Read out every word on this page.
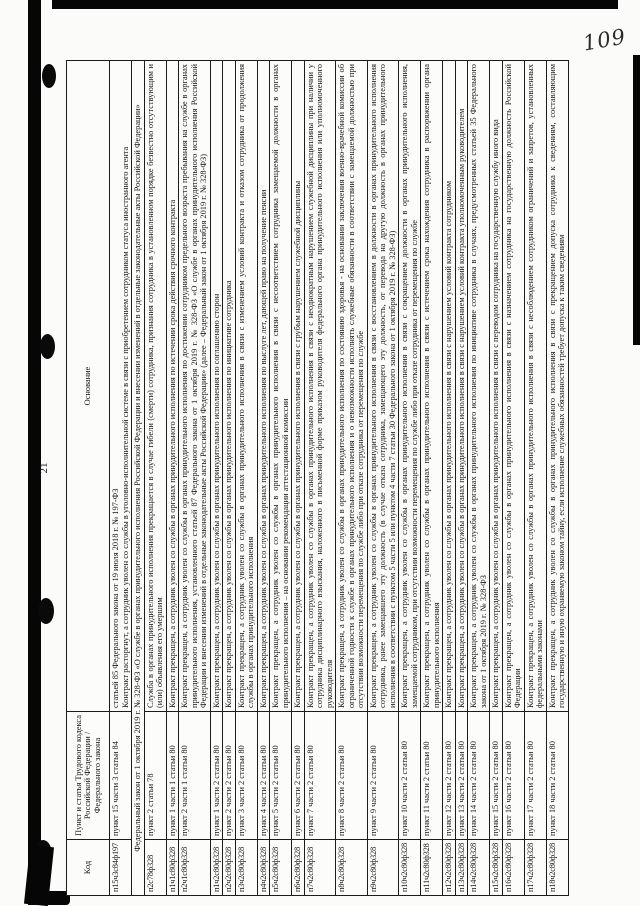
109
21
Код	Пункт и статья Трудового кодекса Российской Федерации / Федерального закона	Основание
п15ч3с84ф197	пункт 15 части 3 статьи 84	статьей 85 Федерального закона от 19 июля 2018 г. № 197-ФЗ Контракт расторгнут, а сотрудник уволен со службы в уголовно-исполнительной системе в связи с приобретением сотрудником статуса иностранного агента

Федеральный закон от 1 октября 2019 г. № 328-ФЗ «О службе в органах принудительного исполнения Российской Федерации и внесении изменений в отдельные законодательные акты Российской Федерации»		
п2с78ф328	пункт 2 статьи 78	Служба в органах принудительного исполнения прекращается в случае гибели (смерти) сотрудника, признания сотрудника в установленном порядке безвестно отсутствующим и (или) объявления его умершим

п1ч1с80ф328	пункт 1 части 1 статьи 80	Контракт прекращен, а сотрудник уволен со службы в органах принудительного исполнения по истечении срока действия срочного контракта

п2ч1с80ф328	пункт 2 части 1 статьи 80	Контракт прекращен, а сотрудник уволен со службы в органах принудительного исполнения по достижении сотрудником предельного возраста пребывания на службе в органах принудительного исполнения, установленного статьей 87 Федерального закона от 1 октября 2019 г. № 328-ФЗ «О службе в органах принудительного исполнения Российской Федерации и внесении изменений в отдельные законодательные акты Российской Федерации» (далее – Федеральный закон от 1 октября 2019 г. № 328-ФЗ)

п1ч2с80ф328	пункт 1 части 2 статьи 80	Контракт прекращен, а сотрудник уволен со службы в органах принудительного исполнения по соглашению сторон

п2ч2с80ф328	пункт 2 части 2 статьи 80	Контракт прекращен, а сотрудник уволен со службы в органах принудительного исполнения по инициативе сотрудника

п3ч2с80ф328	пункт 3 части 2 статьи 80	Контракт прекращен, а сотрудник уволен со службы в органах принудительного исполнения в связи с изменением условий контракта и отказом сотрудника от продолжения службы в органах принудительного исполнения

п4ч2с80ф328	пункт 4 части 2 статьи 80	Контракт прекращен, а сотрудник уволен со службы в органах принудительного исполнения по выслуге лет, дающей право на получение пенсии

п5ч2с80ф328	пункт 5 части 2 статьи 80	Контракт прекращен, а сотрудник уволен со службы в органах принудительного исполнения в связи с несоответствием сотрудника замещаемой должности в органах принудительного исполнения – на основании рекомендации аттестационной комиссии

п6ч2с80ф328	пункт 6 части 2 статьи 80	Контракт прекращен, а сотрудник уволен со службы в органах принудительного исполнения в связи с грубым нарушением служебной дисциплины

п7ч2с80ф328	пункт 7 части 2 статьи 80	Контракт прекращен, а сотрудник уволен со службы в органах принудительного исполнения в связи с неоднократным нарушением служебной дисциплины при наличии у сотрудника дисциплинарного взыскания, наложенного в письменной форме приказом руководителя федерального органа принудительного исполнения или уполномоченного руководителя

п8ч2с80ф328	пункт 8 части 2 статьи 80	Контракт прекращен, а сотрудник уволен со службы в органах принудительного исполнения по состоянию здоровья - на основании заключения военно-врачебной комиссии об ограниченной годности к службе в органах принудительного исполнения и о невозможности исполнять служебные обязанности в соответствии с замещаемой должностью при отсутствии возможности перемещения по службе либо при отказе сотрудника от перемещения по службе

п9ч2с80ф328	пункт 9 части 2 статьи 80	Контракт прекращен, а сотрудник уволен со службы в органах принудительного исполнения в связи с восстановлением в должности в органах принудительного исполнения сотрудника, ранее замещавшего эту должность (в случае отказа сотрудника, замещающего эту должность, от перевода на другую должность в органах принудительного исполнения в соответствии с пунктом 5 части 5 или пунктом 4 части 7 статьи 30 Федерального закона от 1 октября 2019 г. № 328-ФЗ)

п10ч2с80ф328	пункт 10 части 2 статьи 80	Контракт прекращен, а сотрудник уволен со службы в органах принудительного исполнения в связи с сокращением должности в органах принудительного исполнения, замещаемой сотрудником, при отсутствии возможности перемещения по службе либо при отказе сотрудника от перемещения по службе

п11ч2с80ф328	пункт 11 части 2 статьи 80	Контракт прекращен, а сотрудник уволен со службы в органах принудительного исполнения в связи с истечением срока нахождения сотрудника в распоряжении органа принудительного исполнения

п12ч2с80ф328	пункт 12 части 2 статьи 80	Контракт прекращен, а сотрудник уволен со службы в органах принудительного исполнения в связи с нарушением условий контракта сотрудником

п13ч2с80ф328	пункт 13 части 2 статьи 80	Контракт прекращен, а сотрудник уволен со службы в органах принудительного исполнения в связи с нарушением условий контракта уполномоченным руководителем

п14ч2с80ф328	пункт 14 части 2 статьи 80	Контракт прекращен, а сотрудник уволен со службы в органах принудительного исполнения по инициативе сотрудника в случаях, предусмотренных статьей 35 Федерального закона от 1 октября 2019 г. № 328-ФЗ

п15ч2с80ф328	пункт 15 части 2 статьи 80	Контракт прекращен, а сотрудник уволен со службы в органах принудительного исполнения в связи с переводом сотрудника на государственную службу иного вида

п16ч2с80ф328	пункт 16 части 2 статьи 80	Контракт прекращен, а сотрудник уволен со службы в органах принудительного исполнения в связи с назначением сотрудника на государственную должность Российской Федерации

п17ч2с80ф328	пункт 17 части 2 статьи 80	Контракт прекращен, а сотрудник уволен со службы в органах принудительного исполнения в связи с несоблюдением сотрудником ограничений и запретов, установленных федеральными законами

п18ч2с80ф328	пункт 18 части 2 статьи 80	Контракт прекращен, а сотрудник уволен со службы в органах принудительного исполнения в связи с прекращением допуска сотрудника к сведениям, составляющим государственную и иную охраняемую законом тайну, если исполнение служебных обязанностей требует допуска к таким сведениям
